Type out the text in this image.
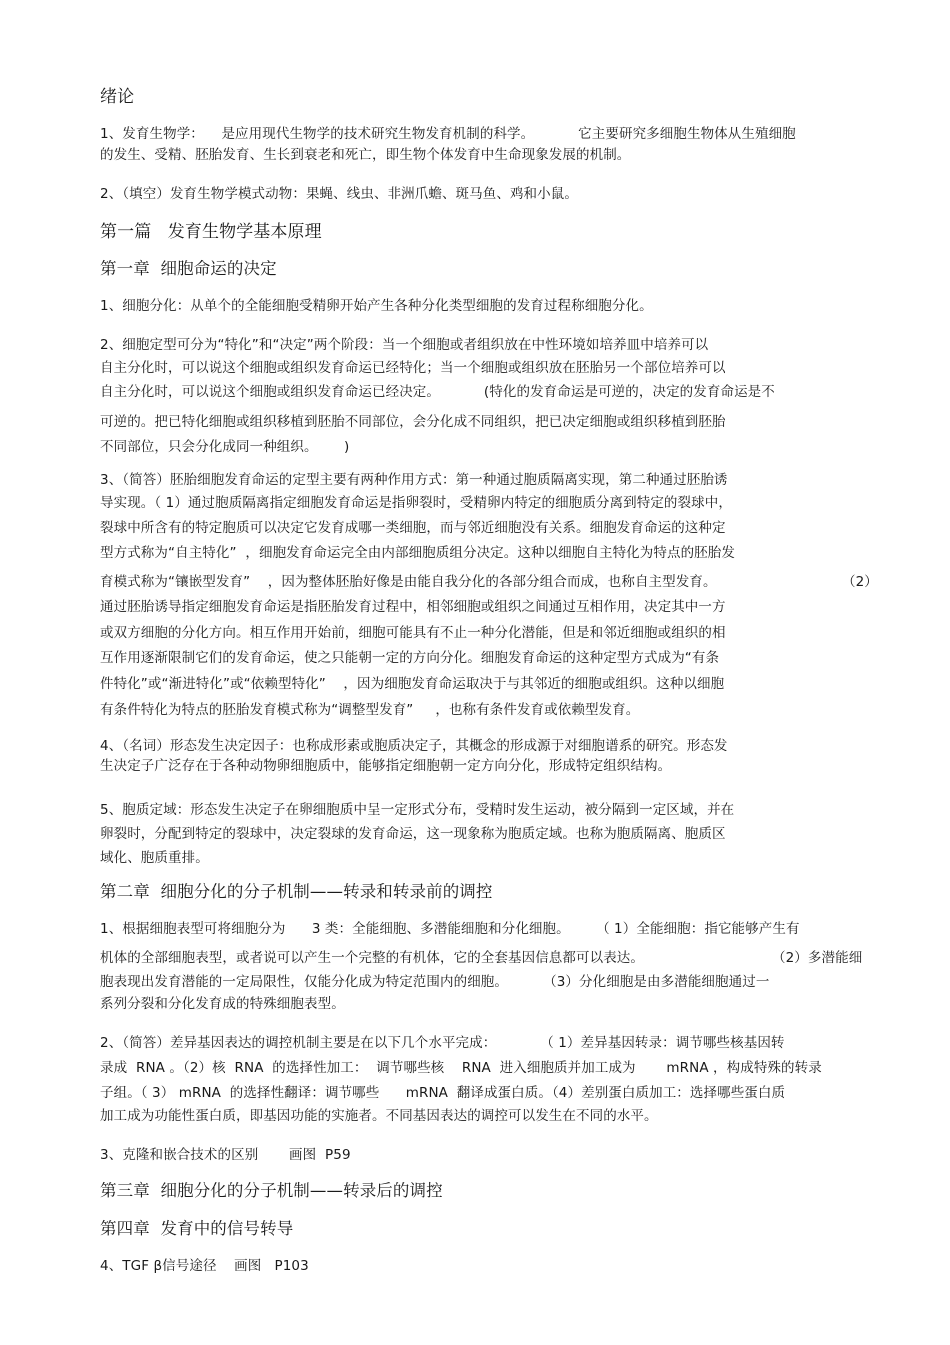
绪论
1、发育生物学：    是应用现代生物学的技术研究生物发育机制的科学。          它主要研究多细胞生物体从生殖细胞
的发生、受精、胚胎发育、生长到衰老和死亡，即生物个体发育中生命现象发展的机制。
2、（填空）发育生物学模式动物：果蝇、线虫、非洲爪蟾、斑马鱼、鸡和小鼠。
第一篇   发育生物学基本原理
第一章  细胞命运的决定
1、细胞分化：从单个的全能细胞受精卵开始产生各种分化类型细胞的发育过程称细胞分化。
2、细胞定型可分为“特化”和“决定”两个阶段：当一个细胞或者组织放在中性环境如培养皿中培养可以
自主分化时，可以说这个细胞或组织发育命运已经特化；当一个细胞或组织放在胚胎另一个部位培养可以
自主分化时，可以说这个细胞或组织发育命运已经决定。          (特化的发育命运是可逆的，决定的发育命运是不
可逆的。把已特化细胞或组织移植到胚胎不同部位，会分化成不同组织，把已决定细胞或组织移植到胚胎
不同部位，只会分化成同一种组织。      )
3、（简答）胚胎细胞发育命运的定型主要有两种作用方式：第一种通过胞质隔离实现，第二种通过胚胎诱
导实现。（ 1）通过胞质隔离指定细胞发育命运是指卵裂时，受精卵内特定的细胞质分离到特定的裂球中，
裂球中所含有的特定胞质可以决定它发育成哪一类细胞，而与邻近细胞没有关系。细胞发育命运的这种定
型方式称为“自主特化”  ，细胞发育命运完全由内部细胞质组分决定。这种以细胞自主特化为特点的胚胎发
育模式称为“镶嵌型发育”    ，因为整体胚胎好像是由能自我分化的各部分组合而成，也称自主型发育。	（2）
通过胚胎诱导指定细胞发育命运是指胚胎发育过程中，相邻细胞或组织之间通过互相作用，决定其中一方
或双方细胞的分化方向。相互作用开始前，细胞可能具有不止一种分化潜能，但是和邻近细胞或组织的相
互作用逐渐限制它们的发育命运，使之只能朝一定的方向分化。细胞发育命运的这种定型方式成为“有条
件特化”或“渐进特化”或“依赖型特化”    ，因为细胞发育命运取决于与其邻近的细胞或组织。这种以细胞
有条件特化为特点的胚胎发育模式称为“调整型发育”     ，也称有条件发育或依赖型发育。
4、（名词）形态发生决定因子：也称成形素或胞质决定子，其概念的形成源于对细胞谱系的研究。形态发
生决定子广泛存在于各种动物卵细胞质中，能够指定细胞朝一定方向分化，形成特定组织结构。
5、胞质定域：形态发生决定子在卵细胞质中呈一定形式分布，受精时发生运动，被分隔到一定区域，并在
卵裂时，分配到特定的裂球中，决定裂球的发育命运，这一现象称为胞质定域。也称为胞质隔离、胞质区
域化、胞质重排。
第二章  细胞分化的分子机制——转录和转录前的调控
1、根据细胞表型可将细胞分为      3 类：全能细胞、多潜能细胞和分化细胞。      （ 1）全能细胞：指它能够产生有
机体的全部细胞表型，或者说可以产生一个完整的有机体，它的全套基因信息都可以表达。	（2）多潜能细
胞表现出发育潜能的一定局限性，仅能分化成为特定范围内的细胞。        （3）分化细胞是由多潜能细胞通过一
系列分裂和分化发育成的特殊细胞表型。
2、（简答）差异基因表达的调控机制主要是在以下几个水平完成：          （ 1）差异基因转录：调节哪些核基因转
录成  RNA 。（2）核  RNA  的选择性加工：  调节哪些核    RNA  进入细胞质并加工成为       mRNA ，构成特殊的转录
子组。（ 3） mRNA  的选择性翻译：调节哪些      mRNA  翻译成蛋白质。（4）差别蛋白质加工：选择哪些蛋白质
加工成为功能性蛋白质，即基因功能的实施者。不同基因表达的调控可以发生在不同的水平。
3、克隆和嵌合技术的区别       画图  P59
第三章  细胞分化的分子机制——转录后的调控
第四章  发育中的信号转导
4、TGF β信号途径    画图   P103
